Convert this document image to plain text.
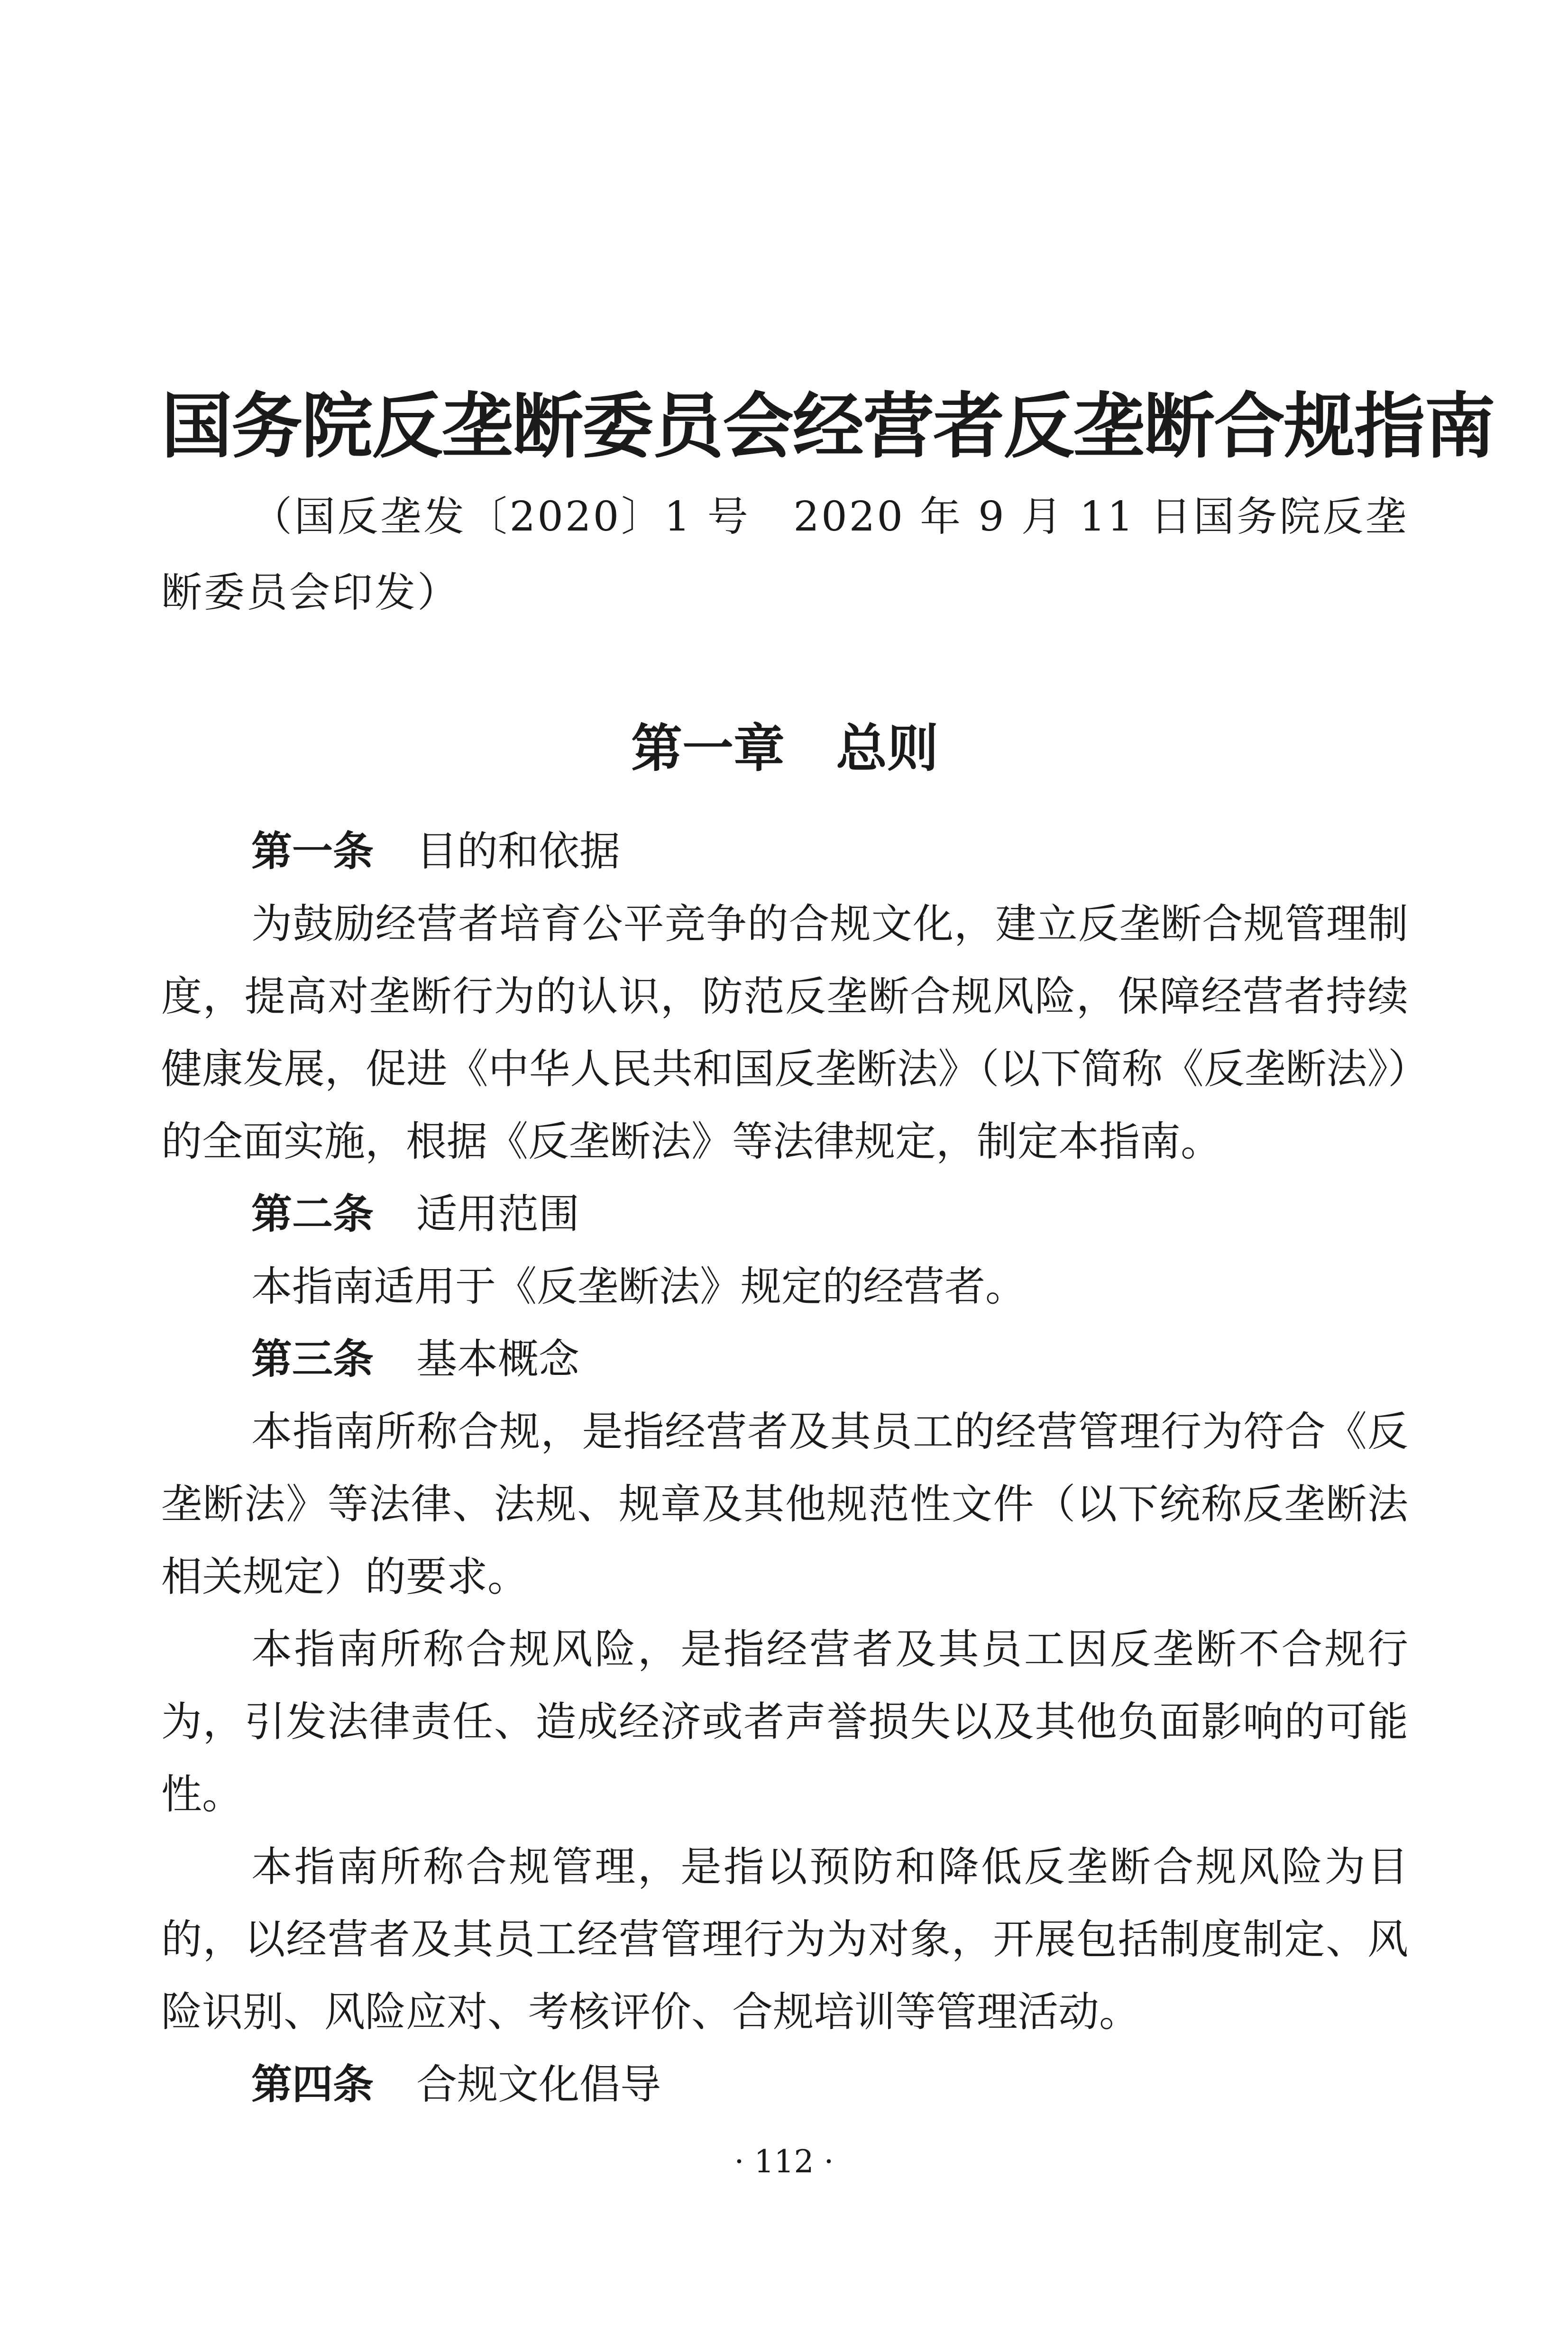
国务院反垄断委员会经营者反垄断合规指南

（国反垄发〔2020〕1 号　2020 年 9 月 11 日国务院反垄断委员会印发）

第一章　总则

第一条 目的和依据

为鼓励经营者培育公平竞争的合规文化，建立反垄断合规管理制度，提高对垄断行为的认识，防范反垄断合规风险，保障经营者持续健康发展，促进《中华人民共和国反垄断法》（以下简称《反垄断法》）的全面实施，根据《反垄断法》等法律规定，制定本指南。

第二条 适用范围

本指南适用于《反垄断法》规定的经营者。

第三条 基本概念

本指南所称合规，是指经营者及其员工的经营管理行为符合《反垄断法》等法律、法规、规章及其他规范性文件（以下统称反垄断法相关规定）的要求。

本指南所称合规风险，是指经营者及其员工因反垄断不合规行为，引发法律责任、造成经济或者声誉损失以及其他负面影响的可能性。

本指南所称合规管理，是指以预防和降低反垄断合规风险为目的，以经营者及其员工经营管理行为为对象，开展包括制度制定、风险识别、风险应对、考核评价、合规培训等管理活动。

第四条 合规文化倡导

· 112 ·
